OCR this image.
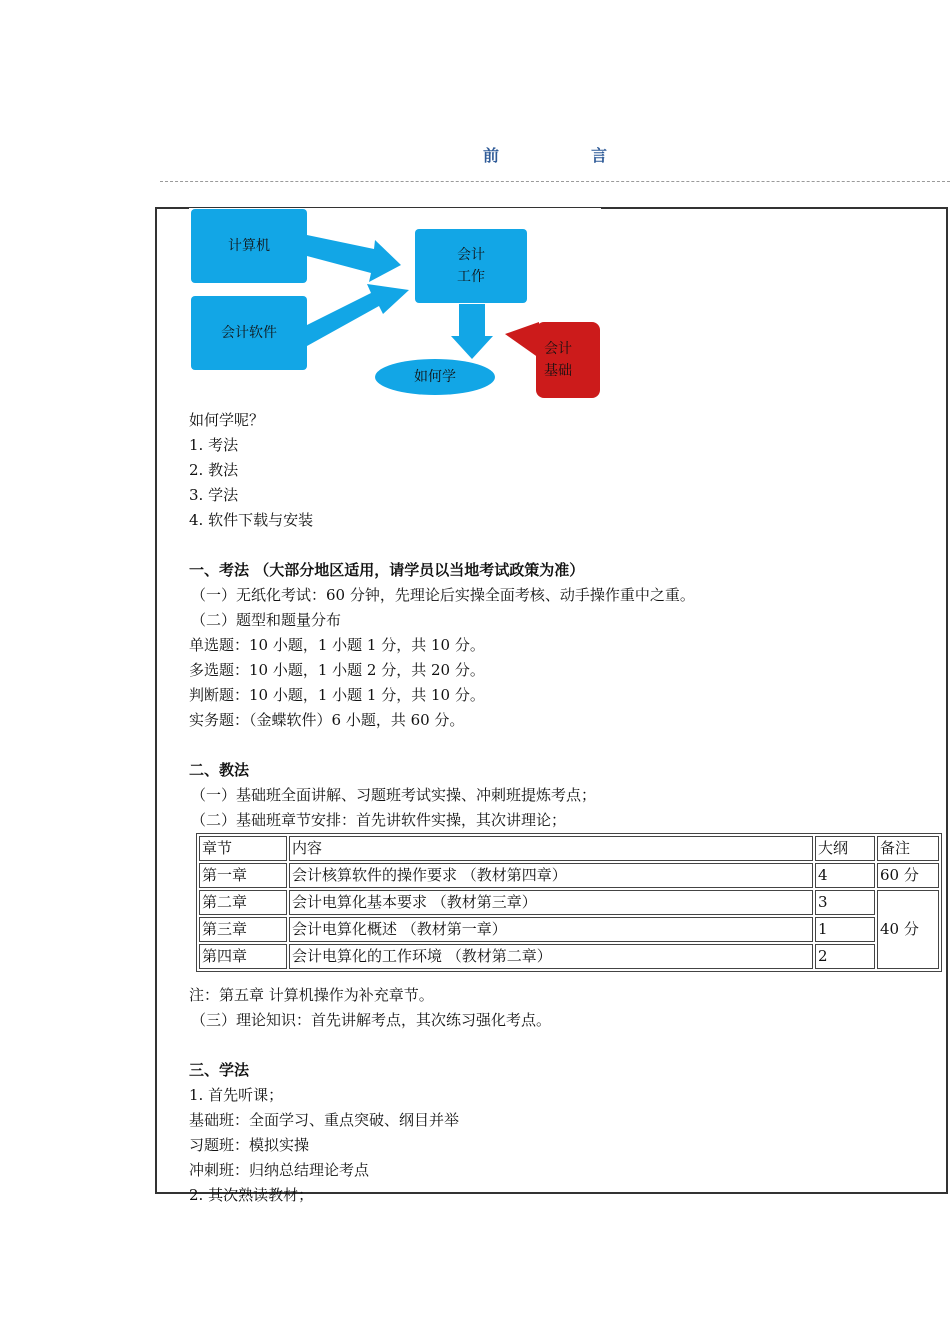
前　言
计算机
会计软件
会计
工作
如何学
会计
基础
如何学呢？
1. 考法
2. 教法
3. 学法
4. 软件下载与安装
一、考法 （大部分地区适用，请学员以当地考试政策为准）
（一）无纸化考试：60 分钟，先理论后实操全面考核、动手操作重中之重。
（二）题型和题量分布
单选题：10 小题，1 小题 1 分，共 10 分。
多选题：10 小题，1 小题 2 分，共 20 分。
判断题：10 小题，1 小题 1 分，共 10 分。
实务题：（金蝶软件）6 小题，共 60 分。
二、教法
（一）基础班全面讲解、习题班考试实操、冲刺班提炼考点；
（二）基础班章节安排：首先讲软件实操，其次讲理论；
注：第五章 计算机操作为补充章节。
（三）理论知识：首先讲解考点，其次练习强化考点。
三、学法
1. 首先听课；
基础班：全面学习、重点突破、纲目并举
习题班：模拟实操
冲刺班：归纳总结理论考点
2. 其次熟读教材；
章节	内容	大纲	备注
第一章	会计核算软件的操作要求 （教材第四章）	4	60 分
第二章	会计电算化基本要求 （教材第三章）	3	40 分
第三章	会计电算化概述 （教材第一章）	1	
第四章	会计电算化的工作环境 （教材第二章）	2	
